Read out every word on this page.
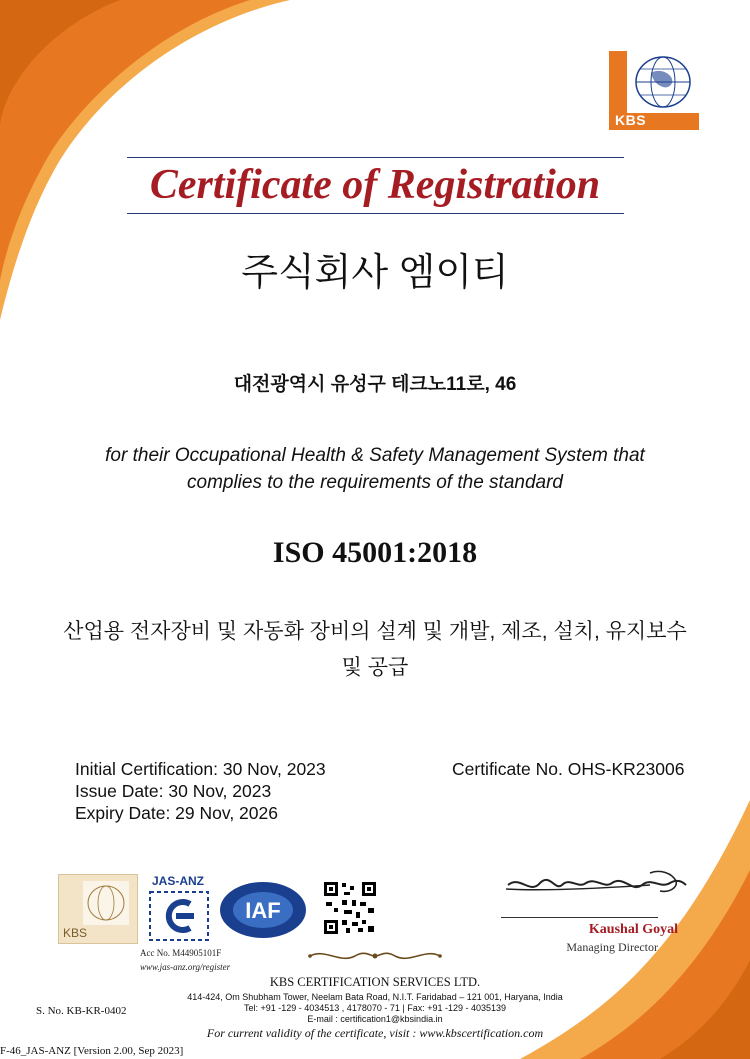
KBS
Certificate of Registration
주식회사 엠이티
대전광역시 유성구 테크노11로, 46
for their Occupational Health & Safety Management System that
complies to the requirements of the standard
ISO 45001:2018
산업용 전자장비 및 자동화 장비의 설계 및 개발, 제조, 설치, 유지보수
및 공급
Initial Certification: 30 Nov, 2023
Issue Date: 30 Nov, 2023
Expiry Date: 29 Nov, 2026
Certificate No. OHS-KR23006
KBS
JAS-ANZ
Acc No. M44905101F
www.jas-anz.org/register
IAF
Kaushal Goyal
Managing Director
KBS CERTIFICATION SERVICES LTD.
414-424, Om Shubham Tower, Neelam Bata Road, N.I.T. Faridabad – 121 001, Haryana, India
Tel: +91 -129 - 4034513 , 4178070 - 71 | Fax: +91 -129 - 4035139
E-mail : certification1@kbsindia.in
S. No. KB-KR-0402
For current validity of the certificate, visit : www.kbscertification.com
F-46_JAS-ANZ [Version 2.00, Sep 2023]
